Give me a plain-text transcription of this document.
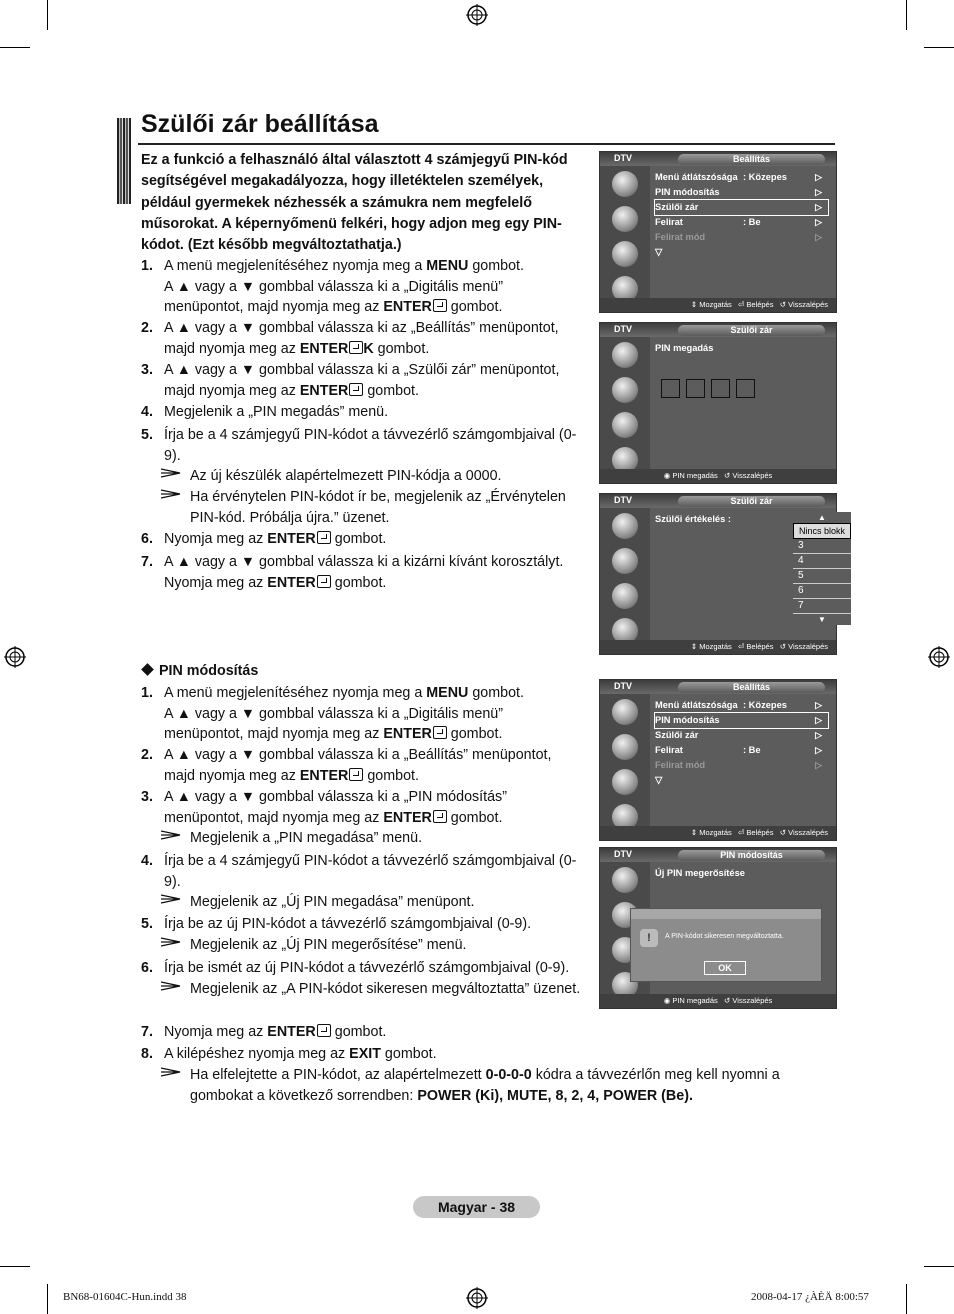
Szülői zár beállítása
Ez a funkció a felhasználó által választott 4 számjegyű PIN-kód segítségével megakadályozza, hogy illetéktelen személyek, például gyermekek nézhessék a számukra nem megfelelő műsorokat. A képernyőmenü felkéri, hogy adjon meg egy PIN-kódot. (Ezt később megváltoztathatja.)
1. A menü megjelenítéséhez nyomja meg a MENU gombot.
A ▲ vagy a ▼ gombbal válassza ki a „Digitális menü” menüpontot, majd nyomja meg az ENTER gombot.
2. A ▲ vagy a ▼ gombbal válassza ki az „Beállítás” menüpontot, majd nyomja meg az ENTER K gombot.
3. A ▲ vagy a ▼ gombbal válassza ki a „Szülői zár” menüpontot, majd nyomja meg az ENTER gombot.
4. Megjelenik a „PIN megadás” menü.
5. Írja be a 4 számjegyű PIN-kódot a távvezérlő számgombjaival (0-9).
Az új készülék alapértelmezett PIN-kódja a 0000.
Ha érvénytelen PIN-kódot ír be, megjelenik az „Érvénytelen PIN-kód. Próbálja újra.” üzenet.
6. Nyomja meg az ENTER gombot.
7. A ▲ vagy a ▼ gombbal válassza ki a kizárni kívánt korosztályt. Nyomja meg az ENTER gombot.
PIN módosítás
1. A menü megjelenítéséhez nyomja meg a MENU gombot.
A ▲ vagy a ▼ gombbal válassza ki a „Digitális menü” menüpontot, majd nyomja meg az ENTER gombot.
2. A ▲ vagy a ▼ gombbal válassza ki a „Beállítás” menüpontot, majd nyomja meg az ENTER gombot.
3. A ▲ vagy a ▼ gombbal válassza ki a „PIN módosítás” menüpontot, majd nyomja meg az ENTER gombot.
Megjelenik a „PIN megadása” menü.
4. Írja be a 4 számjegyű PIN-kódot a távvezérlő számgombjaival (0-9).
Megjelenik az „Új PIN megadása” menüpont.
5. Írja be az új PIN-kódot a távvezérlő számgombjaival (0-9).
Megjelenik az „Új PIN megerősítése” menü.
6. Írja be ismét az új PIN-kódot a távvezérlő számgombjaival (0-9).
Megjelenik az „A PIN-kódot sikeresen megváltoztatta” üzenet.
7. Nyomja meg az ENTER gombot.
8. A kilépéshez nyomja meg az EXIT gombot.
Ha elfelejtette a PIN-kódot, az alapértelmezett 0-0-0-0 kódra a távvezérlőn meg kell nyomni a gombokat a következő sorrendben: POWER (Ki), MUTE, 8, 2, 4, POWER (Be).
DTV	Beállítás
Menü átlátszósága : Közepes	▷
PIN módosítás	▷
Szülői zár	▷
Felirat	: Be	▷
Felirat mód	▷
▽
⇕ Mozgatás   ⏎ Belépés   ↺ Visszalépés
DTV	Szülői zár
PIN megadás
◉ PIN megadás   ↺ Visszalépés
DTV	Szülői zár
Szülői értékelés :	▲
Nincs blokk
3
4
5
6
7
▼
⇕ Mozgatás   ⏎ Belépés   ↺ Visszalépés
DTV	Beállítás
Menü átlátszósága : Közepes	▷
PIN módosítás	▷
Szülői zár	▷
Felirat	: Be	▷
Felirat mód	▷
▽
⇕ Mozgatás   ⏎ Belépés   ↺ Visszalépés
DTV	PIN módosítás
Új PIN megerősítése
!	A PIN-kódot sikeresen megváltoztatta.
OK
◉ PIN megadás   ↺ Visszalépés
Magyar - 38
BN68-01604C-Hun.indd 38	2008-04-17 ¿ÀÈÄ 8:00:57
